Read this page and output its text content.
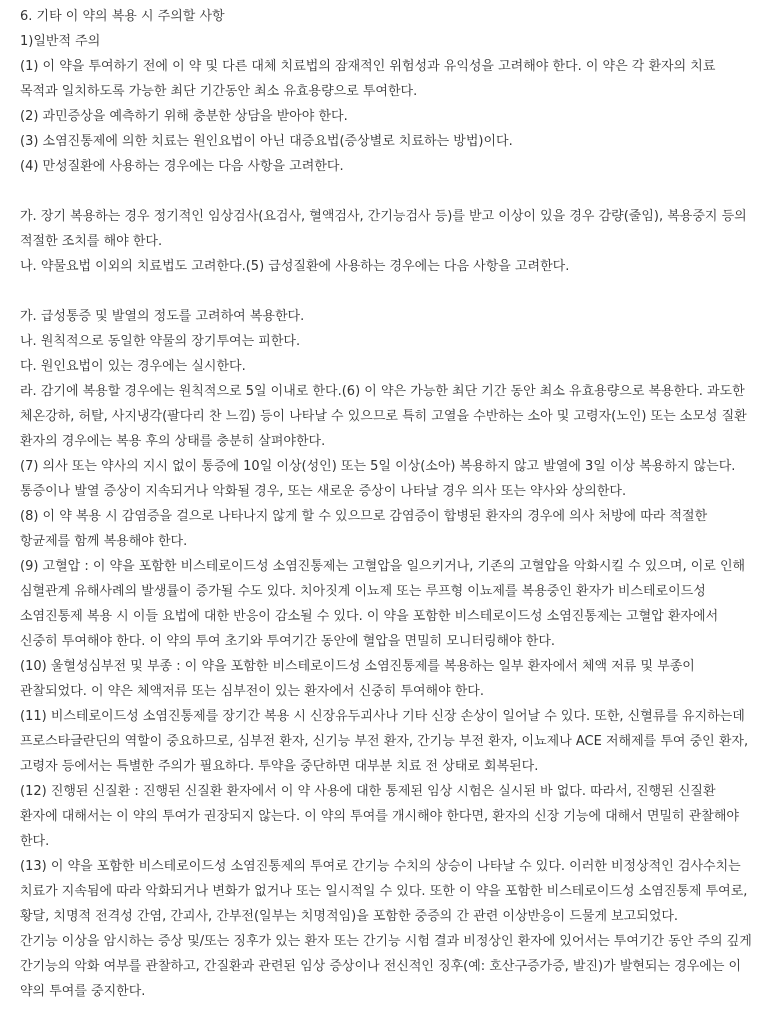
6. 기타 이 약의 복용 시 주의할 사항
1)일반적 주의
(1) 이 약을 투여하기 전에 이 약 및 다른 대체 치료법의 잠재적인 위험성과 유익성을 고려해야 한다. 이 약은 각 환자의 치료 목적과 일치하도록 가능한 최단 기간동안 최소 유효용량으로 투여한다.
(2) 과민증상을 예측하기 위해 충분한 상담을 받아야 한다.
(3) 소염진통제에 의한 치료는 원인요법이 아닌 대증요법(증상별로 치료하는 방법)이다.
(4) 만성질환에 사용하는 경우에는 다음 사항을 고려한다.
가. 장기 복용하는 경우 정기적인 임상검사(요검사, 혈액검사, 간기능검사 등)를 받고 이상이 있을 경우 감량(줄임), 복용중지 등의 적절한 조치를 해야 한다.
나. 약물요법 이외의 치료법도 고려한다.(5) 급성질환에 사용하는 경우에는 다음 사항을 고려한다.
가. 급성통증 및 발열의 정도를 고려하여 복용한다.
나. 원칙적으로 동일한 약물의 장기투여는 피한다.
다. 원인요법이 있는 경우에는 실시한다.
라. 감기에 복용할 경우에는 원칙적으로 5일 이내로 한다.(6) 이 약은 가능한 최단 기간 동안 최소 유효용량으로 복용한다. 과도한 체온강하, 허탈, 사지냉각(팔다리 찬 느낌) 등이 나타날 수 있으므로 특히 고열을 수반하는 소아 및 고령자(노인) 또는 소모성 질환 환자의 경우에는 복용 후의 상태를 충분히 살펴야한다.
(7) 의사 또는 약사의 지시 없이 통증에 10일 이상(성인) 또는 5일 이상(소아) 복용하지 않고 발열에 3일 이상 복용하지 않는다. 통증이나 발열 증상이 지속되거나 악화될 경우, 또는 새로운 증상이 나타날 경우 의사 또는 약사와 상의한다.
(8) 이 약 복용 시 감염증을 걸으로 나타나지 않게 할 수 있으므로 감염증이 합병된 환자의 경우에 의사 처방에 따라 적절한 항균제를 함께 복용해야 한다.
(9) 고혈압 : 이 약을 포함한 비스테로이드성 소염진통제는 고혈압을 일으키거나, 기존의 고혈압을 악화시킬 수 있으며, 이로 인해 심혈관계 유해사례의 발생률이 증가될 수도 있다. 치아짓계 이뇨제 또는 루프형 이뇨제를 복용중인 환자가 비스테로이드성 소염진통제 복용 시 이들 요법에 대한 반응이 감소될 수 있다. 이 약을 포함한 비스테로이드성 소염진통제는 고혈압 환자에서 신중히 투여해야 한다. 이 약의 투여 초기와 투여기간 동안에 혈압을 면밀히 모니터링해야 한다.
(10) 울혈성심부전 및 부종 : 이 약을 포함한 비스테로이드성 소염진통제를 복용하는 일부 환자에서 체액 저류 및 부종이 관찰되었다. 이 약은 체액저류 또는 심부전이 있는 환자에서 신중히 투여해야 한다.
(11) 비스테로이드성 소염진통제를 장기간 복용 시 신장유두괴사나 기타 신장 손상이 일어날 수 있다. 또한, 신혈류를 유지하는데 프로스타글란딘의 역할이 중요하므로, 심부전 환자, 신기능 부전 환자, 간기능 부전 환자, 이뇨제나 ACE 저해제를 투여 중인 환자, 고령자 등에서는 특별한 주의가 필요하다. 투약을 중단하면 대부분 치료 전 상태로 회복된다.
(12) 진행된 신질환 : 진행된 신질환 환자에서 이 약 사용에 대한 통제된 임상 시험은 실시된 바 없다. 따라서, 진행된 신질환 환자에 대해서는 이 약의 투여가 권장되지 않는다. 이 약의 투여를 개시해야 한다면, 환자의 신장 기능에 대해서 면밀히 관찰해야 한다.
(13) 이 약을 포함한 비스테로이드성 소염진통제의 투여로 간기능 수치의 상승이 나타날 수 있다. 이러한 비정상적인 검사수치는 치료가 지속됨에 따라 악화되거나 변화가 없거나 또는 일시적일 수 있다. 또한 이 약을 포함한 비스테로이드성 소염진통제 투여로, 황달, 치명적 전격성 간염, 간괴사, 간부전(일부는 치명적임)을 포함한 중증의 간 관련 이상반응이 드물게 보고되었다.
간기능 이상을 암시하는 증상 및/또는 징후가 있는 환자 또는 간기능 시험 결과 비정상인 환자에 있어서는 투여기간 동안 주의 깊게 간기능의 악화 여부를 관찰하고, 간질환과 관련된 임상 증상이나 전신적인 징후(예: 호산구증가증, 발진)가 발현되는 경우에는 이 약의 투여를 중지한다.
